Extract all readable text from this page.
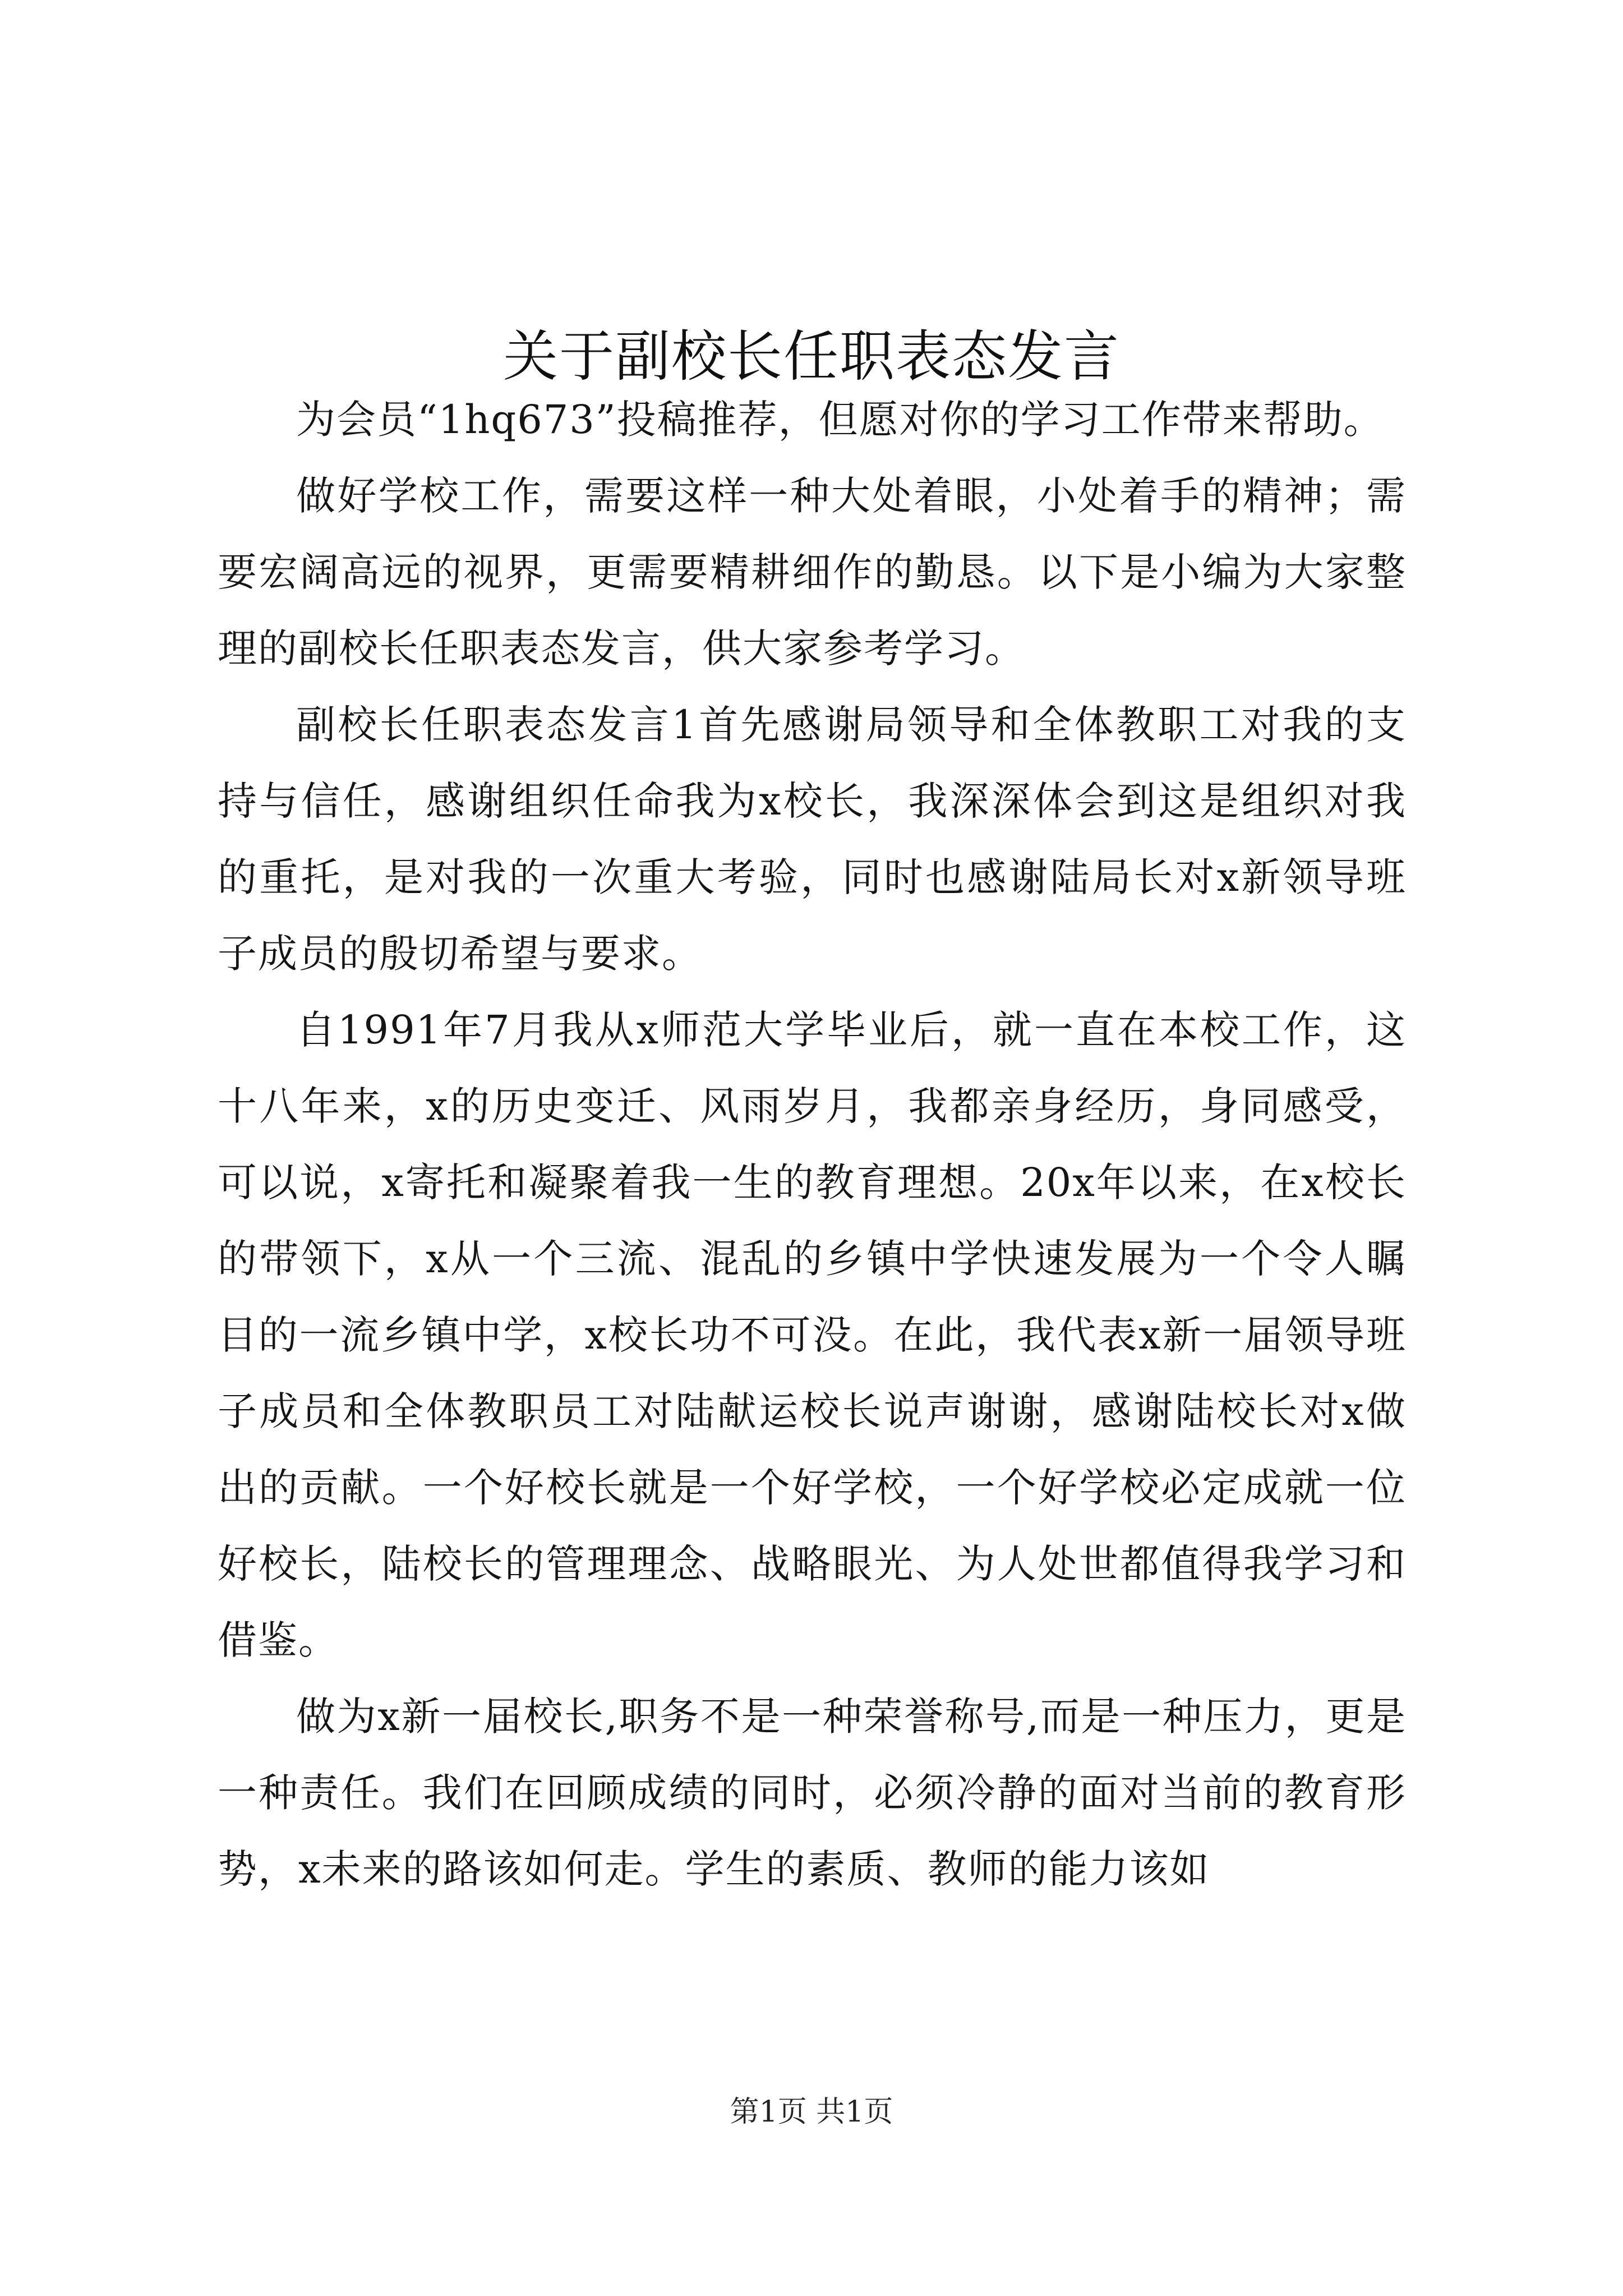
关于副校长任职表态发言

为会员“1hq673”投稿推荐，但愿对你的学习工作带来帮助。

做好学校工作，需要这样一种大处着眼，小处着手的精神；需要宏阔高远的视界，更需要精耕细作的勤恳。以下是小编为大家整理的副校长任职表态发言，供大家参考学习。

副校长任职表态发言1首先感谢局领导和全体教职工对我的支持与信任，感谢组织任命我为x校长，我深深体会到这是组织对我的重托，是对我的一次重大考验，同时也感谢陆局长对x新领导班子成员的殷切希望与要求。

自1991年7月我从x师范大学毕业后，就一直在本校工作，这十八年来，x的历史变迁、风雨岁月，我都亲身经历，身同感受，可以说，x寄托和凝聚着我一生的教育理想。20x年以来，在x校长的带领下，x从一个三流、混乱的乡镇中学快速发展为一个令人瞩目的一流乡镇中学，x校长功不可没。在此，我代表x新一届领导班子成员和全体教职员工对陆献运校长说声谢谢，感谢陆校长对x做出的贡献。一个好校长就是一个好学校，一个好学校必定成就一位好校长，陆校长的管理理念、战略眼光、为人处世都值得我学习和借鉴。

做为x新一届校长,职务不是一种荣誉称号,而是一种压力，更是一种责任。我们在回顾成绩的同时，必须冷静的面对当前的教育形势，x未来的路该如何走。学生的素质、教师的能力该如

第1页 共1页
